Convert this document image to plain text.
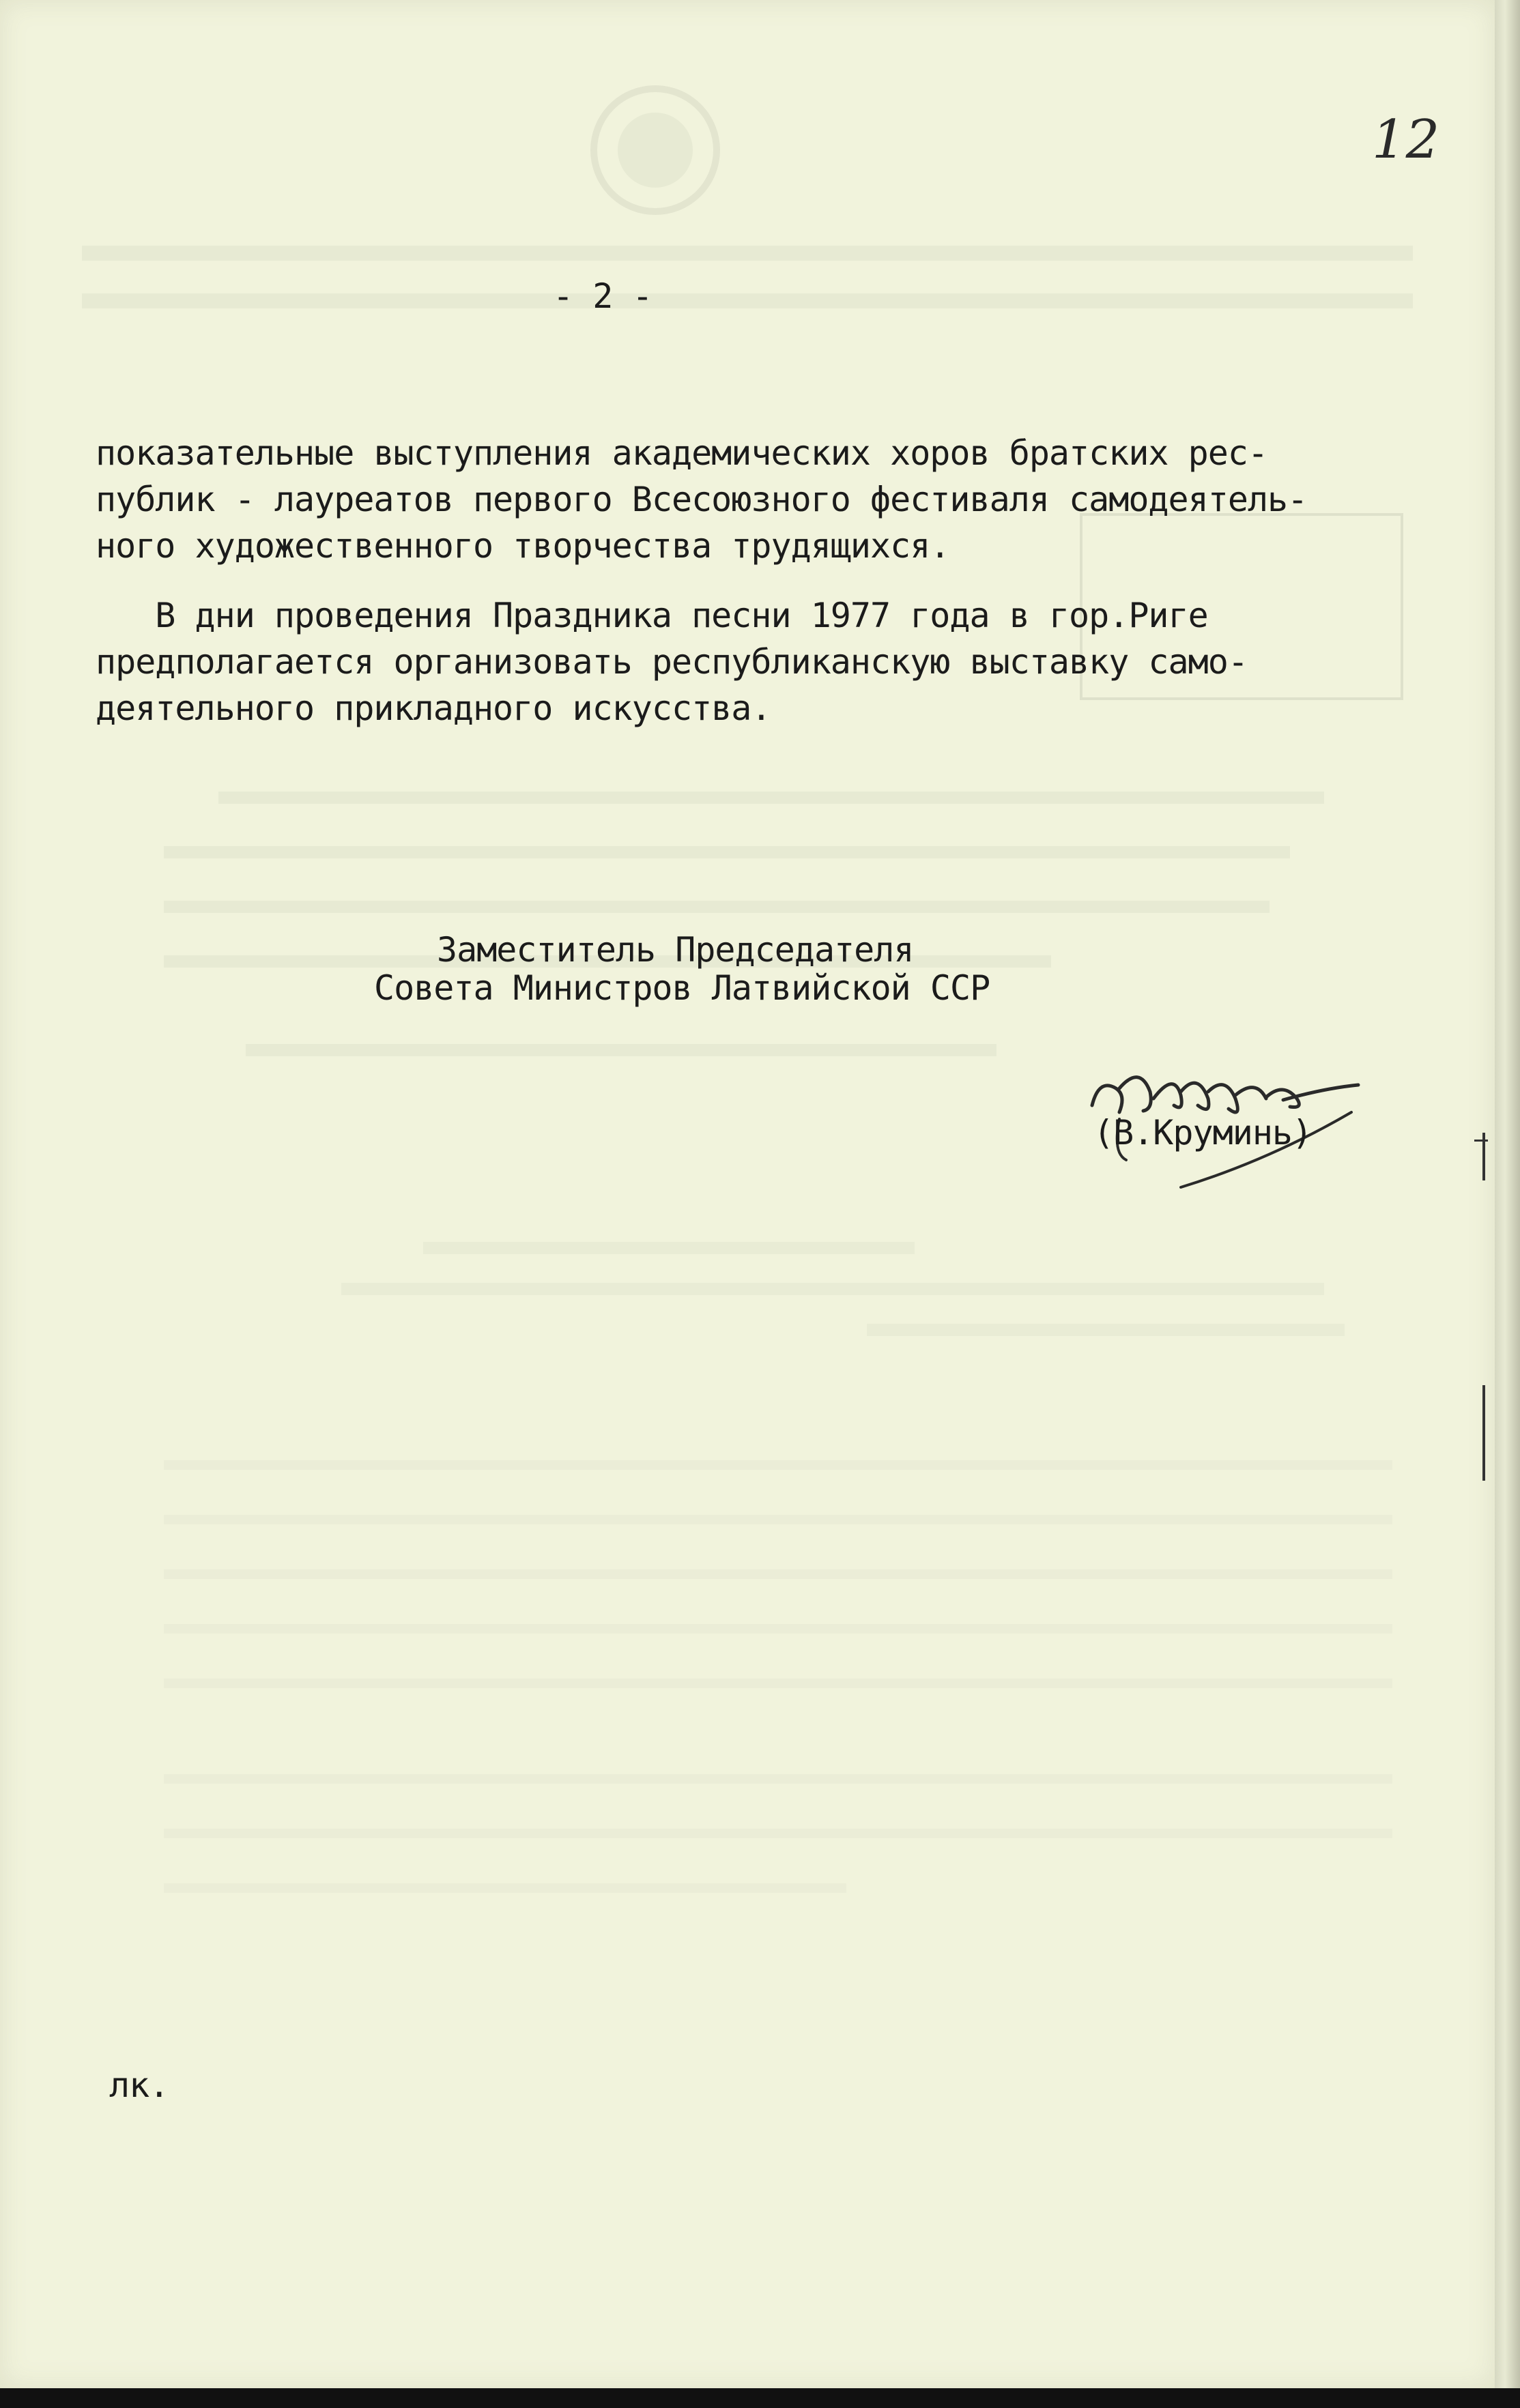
12
- 2 -
показательные выступления академических хоров братских рес-
публик - лауреатов первого Всесоюзного фестиваля самодеятель-
ного художественного творчества трудящихся.
В дни проведения Праздника песни 1977 года в гор.Риге
предполагается организовать республиканскую выставку само-
деятельного прикладного искусства.
Заместитель Председателя
Совета Министров Латвийской ССР
(В.Круминь)
лк.
